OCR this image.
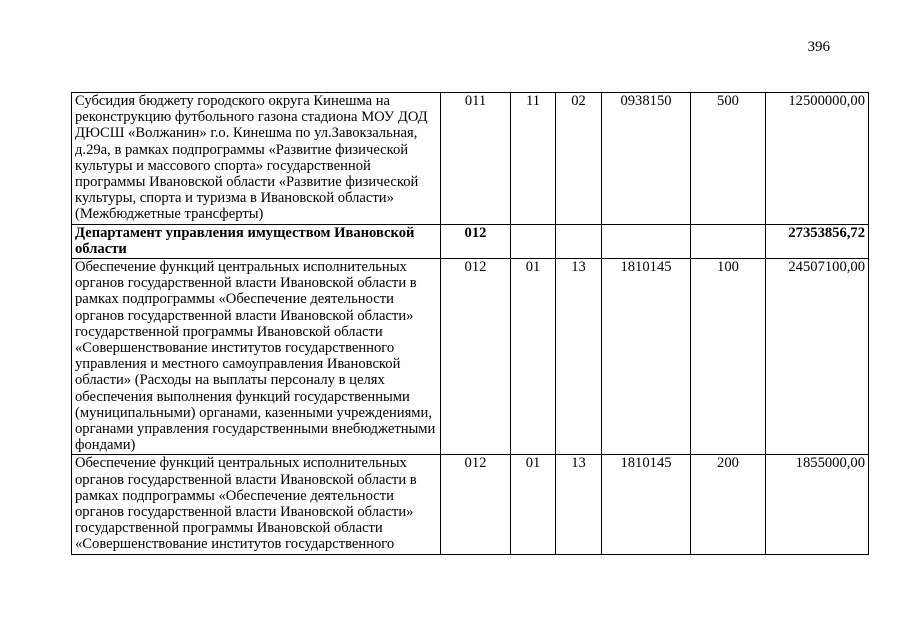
396
Субсидия бюджету городского округа Кинешма на реконструкцию футбольного газона стадиона МОУ ДОД ДЮСШ «Волжанин» г.о. Кинешма по ул.Завокзальная, д.29а, в рамках подпрограммы «Развитие физической культуры и массового спорта» государственной программы Ивановской области «Развитие физической культуры, спорта и туризма в Ивановской области» (Межбюджетные трансферты)	011	11	02	0938150	500	12500000,00
Департамент управления имуществом Ивановской области	012					27353856,72
Обеспечение функций центральных исполнительных органов государственной власти Ивановской области в рамках подпрограммы «Обеспечение деятельности органов государственной власти Ивановской области» государственной программы Ивановской области «Совершенствование институтов государственного управления и местного самоуправления Ивановской области» (Расходы на выплаты персоналу в целях обеспечения выполнения функций государственными (муниципальными) органами, казенными учреждениями, органами управления государственными внебюджетными фондами)	012	01	13	1810145	100	24507100,00
Обеспечение функций центральных исполнительных органов государственной власти Ивановской области в рамках подпрограммы «Обеспечение деятельности органов государственной власти Ивановской области» государственной программы Ивановской области «Совершенствование институтов государственного	012	01	13	1810145	200	1855000,00
